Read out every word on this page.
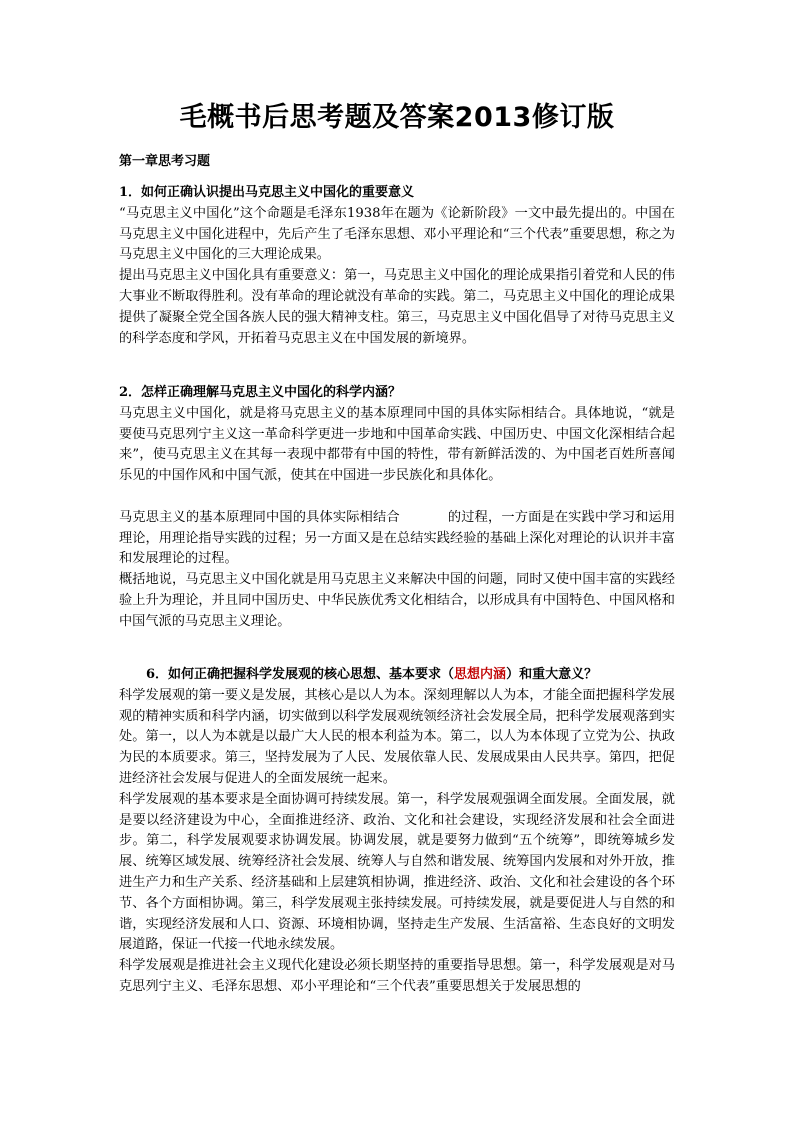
毛概书后思考题及答案2013修订版
第一章思考习题

1．如何正确认识提出马克思主义中国化的重要意义

“马克思主义中国化”这个命题是毛泽东1938年在题为《论新阶段》一文中最先提出的。中国在马克思主义中国化进程中，先后产生了毛泽东思想、邓小平理论和“三个代表”重要思想，称之为马克思主义中国化的三大理论成果。

提出马克思主义中国化具有重要意义：第一，马克思主义中国化的理论成果指引着党和人民的伟大事业不断取得胜利。没有革命的理论就没有革命的实践。第二，马克思主义中国化的理论成果提供了凝聚全党全国各族人民的强大精神支柱。第三，马克思主义中国化倡导了对待马克思主义的科学态度和学风，开拓着马克思主义在中国发展的新境界。

2．怎样正确理解马克思主义中国化的科学内涵？

马克思主义中国化，就是将马克思主义的基本原理同中国的具体实际相结合。具体地说，“就是要使马克思列宁主义这一革命科学更进一步地和中国革命实践、中国历史、中国文化深相结合起来”，使马克思主义在其每一表现中都带有中国的特性，带有新鲜活泼的、为中国老百姓所喜闻乐见的中国作风和中国气派，使其在中国进一步民族化和具体化。

马克思主义的基本原理同中国的具体实际相结合	的过程，一方面是在实践中学习和运用理论，用理论指导实践的过程；另一方面又是在总结实践经验的基础上深化对理论的认识并丰富和发展理论的过程。

概括地说，马克思主义中国化就是用马克思主义来解决中国的问题，同时又使中国丰富的实践经验上升为理论，并且同中国历史、中华民族优秀文化相结合，以形成具有中国特色、中国风格和中国气派的马克思主义理论。

6．如何正确把握科学发展观的核心思想、基本要求（思想内涵）和重大意义？

科学发展观的第一要义是发展，其核心是以人为本。深刻理解以人为本，才能全面把握科学发展观的精神实质和科学内涵，切实做到以科学发展观统领经济社会发展全局，把科学发展观落到实处。第一，以人为本就是以最广大人民的根本利益为本。第二，以人为本体现了立党为公、执政为民的本质要求。第三，坚持发展为了人民、发展依靠人民、发展成果由人民共享。第四，把促进经济社会发展与促进人的全面发展统一起来。

科学发展观的基本要求是全面协调可持续发展。第一，科学发展观强调全面发展。全面发展，就是要以经济建设为中心，全面推进经济、政治、文化和社会建设，实现经济发展和社会全面进步。第二，科学发展观要求协调发展。协调发展，就是要努力做到“五个统筹”，即统筹城乡发展、统筹区域发展、统筹经济社会发展、统筹人与自然和谐发展、统筹国内发展和对外开放，推进生产力和生产关系、经济基础和上层建筑相协调，推进经济、政治、文化和社会建设的各个环节、各个方面相协调。第三，科学发展观主张持续发展。可持续发展，就是要促进人与自然的和谐，实现经济发展和人口、资源、环境相协调，坚持走生产发展、生活富裕、生态良好的文明发展道路，保证一代接一代地永续发展。

科学发展观是推进社会主义现代化建设必须长期坚持的重要指导思想。第一，科学发展观是对马克思列宁主义、毛泽东思想、邓小平理论和“三个代表”重要思想关于发展思想的
